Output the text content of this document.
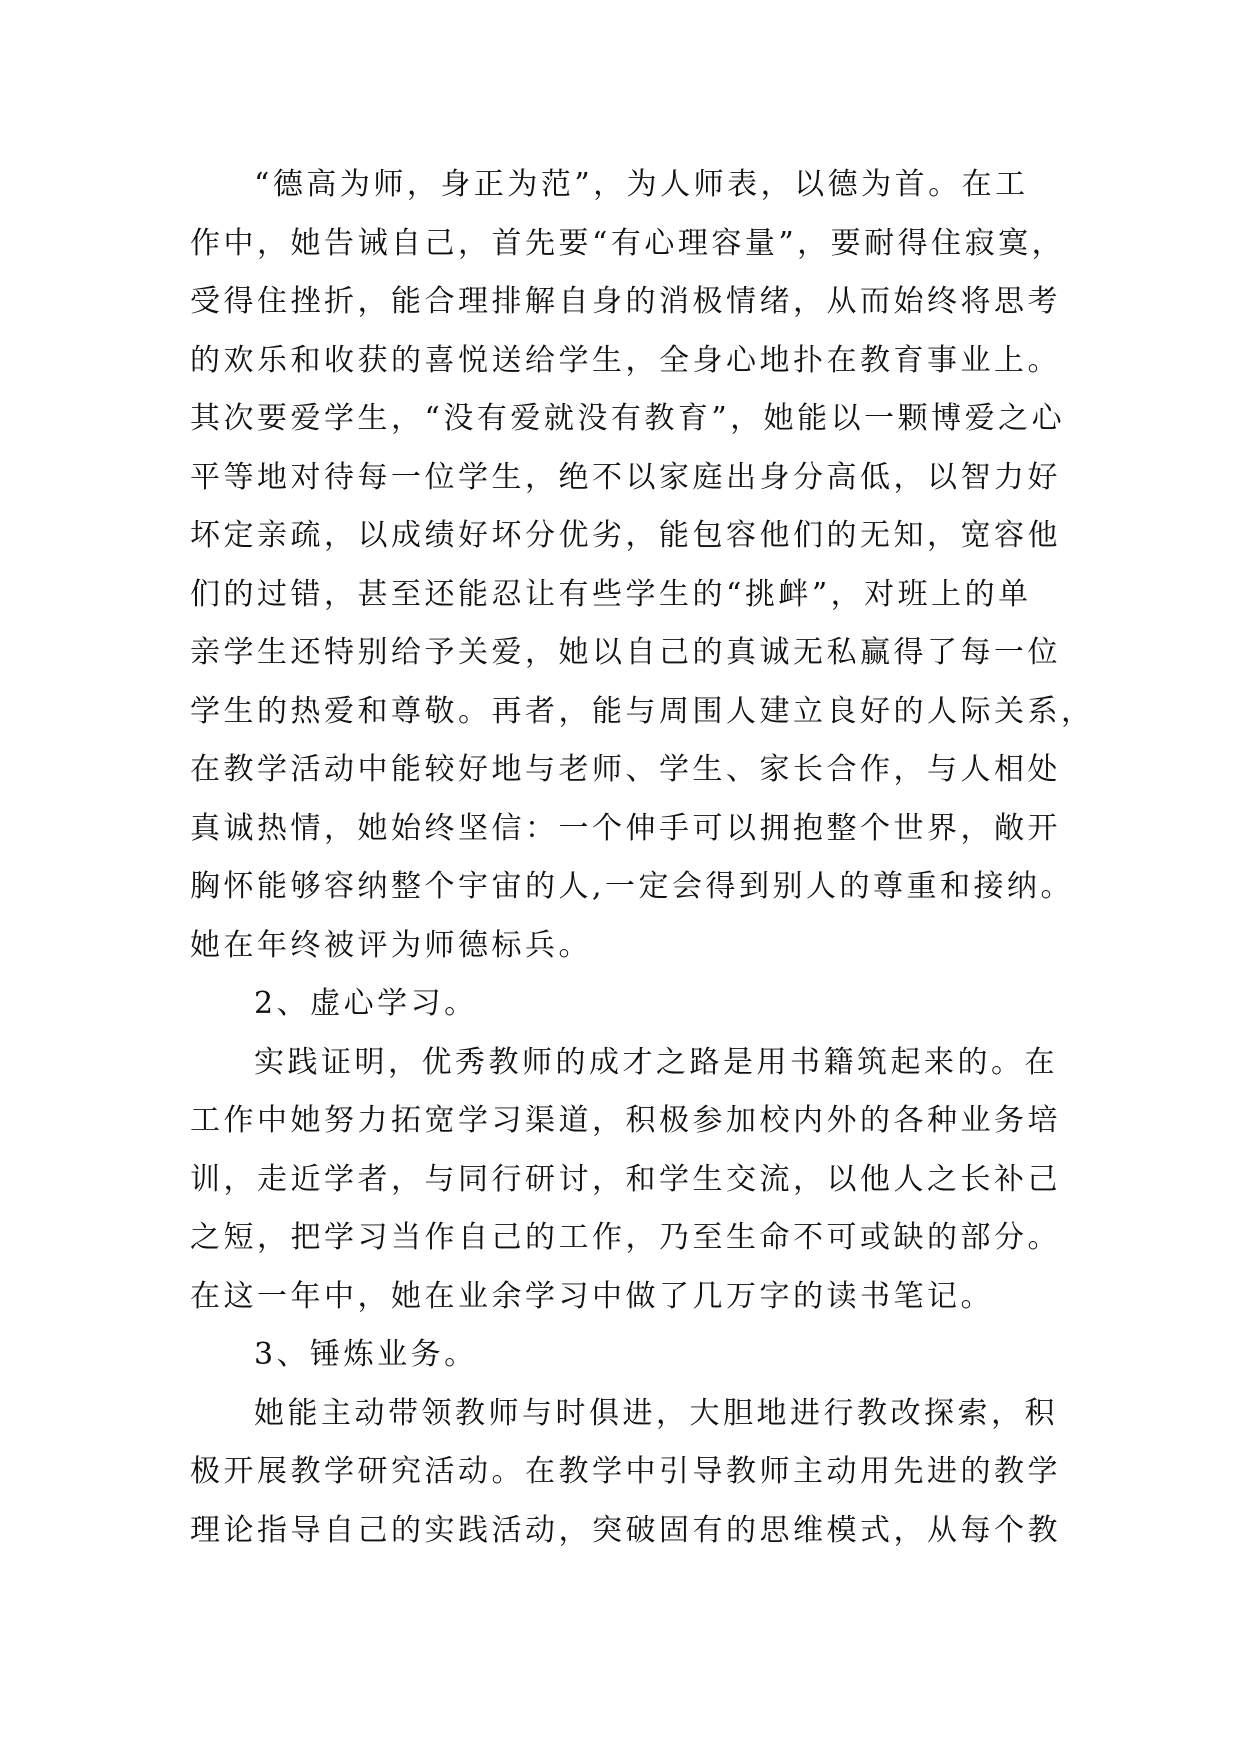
“德高为师，身正为范”，为人师表，以德为首。在工
作中，她告诫自己，首先要“有心理容量”，要耐得住寂寞，
受得住挫折，能合理排解自身的消极情绪，从而始终将思考
的欢乐和收获的喜悦送给学生，全身心地扑在教育事业上。
其次要爱学生，“没有爱就没有教育”，她能以一颗博爱之心
平等地对待每一位学生，绝不以家庭出身分高低，以智力好
坏定亲疏，以成绩好坏分优劣，能包容他们的无知，宽容他
们的过错，甚至还能忍让有些学生的“挑衅”，对班上的单
亲学生还特别给予关爱，她以自己的真诚无私赢得了每一位
学生的热爱和尊敬。再者，能与周围人建立良好的人际关系，
在教学活动中能较好地与老师、学生、家长合作，与人相处
真诚热情，她始终坚信：一个伸手可以拥抱整个世界，敞开
胸怀能够容纳整个宇宙的人,一定会得到别人的尊重和接纳。
她在年终被评为师德标兵。
2、虚心学习。
实践证明，优秀教师的成才之路是用书籍筑起来的。在
工作中她努力拓宽学习渠道，积极参加校内外的各种业务培
训，走近学者，与同行研讨，和学生交流，以他人之长补己
之短，把学习当作自己的工作，乃至生命不可或缺的部分。
在这一年中，她在业余学习中做了几万字的读书笔记。
3、锤炼业务。
她能主动带领教师与时俱进，大胆地进行教改探索，积
极开展教学研究活动。在教学中引导教师主动用先进的教学
理论指导自己的实践活动，突破固有的思维模式，从每个教
